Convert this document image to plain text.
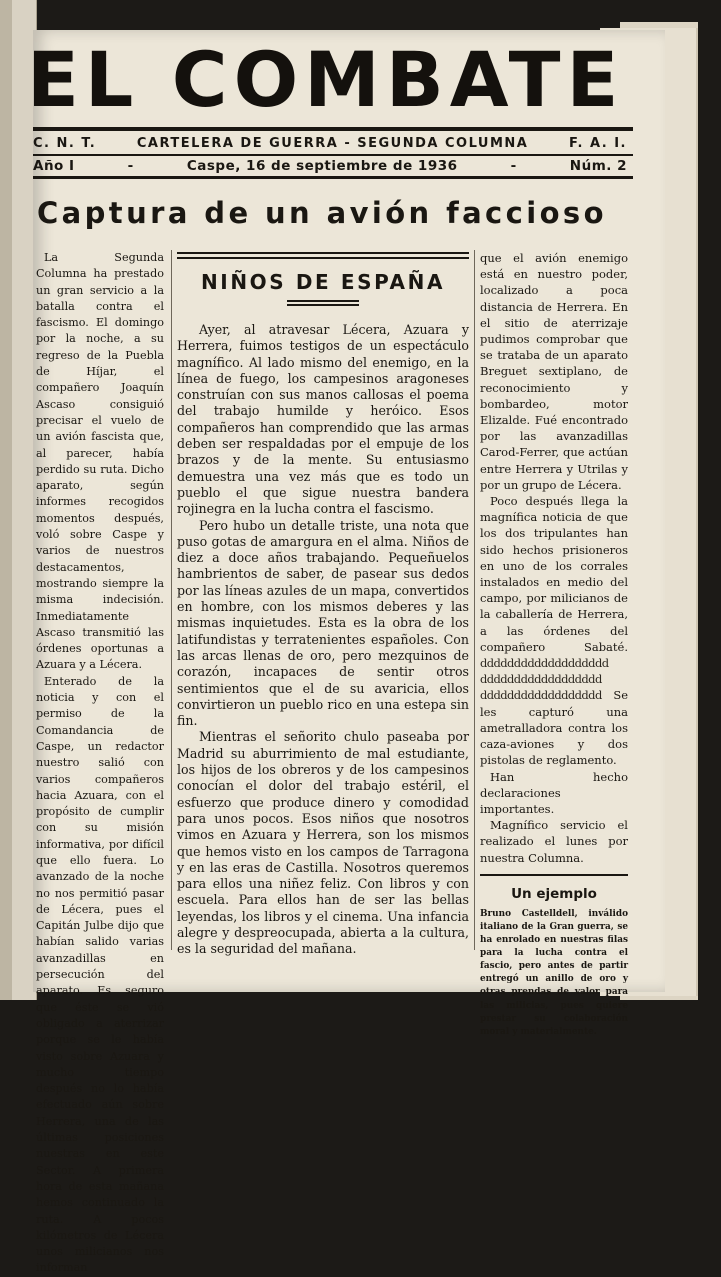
EL COMBATE
C. N. T.	CARTELERA DE GUERRA - SEGUNDA COLUMNA	F. A. I.
Año I	-	Caspe, 16 de septiembre de 1936	-	Núm. 2
Captura de un avión faccioso

La Segunda Columna ha prestado un gran servicio a la batalla contra el fascismo. El domingo por la noche, a su regreso de la Puebla de Híjar, el compañero Joaquín Ascaso consiguió precisar el vuelo de un avión fascista que, al parecer, había perdido su ruta. Dicho aparato, según informes recogidos momentos después, voló sobre Caspe y varios de nuestros destacamentos, mostrando siempre la misma indecisión. Inmediatamente Ascaso transmitió las órdenes oportunas a Azuara y a Lécera.

Enterado de la noticia y con el permiso de la Comandancia de Caspe, un redactor nuestro salió con varios compañeros hacia Azuara, con el propósito de cumplir con su misión informativa, por difícil que ello fuera. Lo avanzado de la noche no nos permitió pasar de Lécera, pues el Capitán Julbe dijo que habían salido varias avanzadillas en persecución del aparato. Es seguro que éste se vió obligado a aterrizar porque se le había visto sobre Azuara y mucho tiempo después no lo había efectuado aún sobre Herrera, una de las últimas posiciones nuestras en este Sector. A primera hora de esta mañana hemos continuado la ruta. A pocos kilómetros de Lécera unos milicianos nos informan

NIÑOS DE ESPAÑA

Ayer, al atravesar Lécera, Azuara y Herrera, fuimos testigos de un espectáculo magnífico. Al lado mismo del enemigo, en la línea de fuego, los campesinos aragoneses construían con sus manos callosas el poema del trabajo humilde y heróico. Esos compañeros han comprendido que las armas deben ser respaldadas por el empuje de los brazos y de la mente. Su entusiasmo demuestra una vez más que es todo un pueblo el que sigue nuestra bandera rojinegra en la lucha contra el fascismo.

Pero hubo un detalle triste, una nota que puso gotas de amargura en el alma. Niños de diez a doce años trabajando. Pequeñuelos hambrientos de saber, de pasear sus dedos por las líneas azules de un mapa, convertidos en hombre, con los mismos deberes y las mismas inquietudes. Esta es la obra de los latifundistas y terratenientes españoles. Con las arcas llenas de oro, pero mezquinos de corazón, incapaces de sentir otros sentimientos que el de su avaricia, ellos convirtieron un pueblo rico en una estepa sin fin.

Mientras el señorito chulo paseaba por Madrid su aburrimiento de mal estudiante, los hijos de los obreros y de los campesinos conocían el dolor del trabajo estéril, el esfuerzo que produce dinero y comodidad para unos pocos. Esos niños que nosotros vimos en Azuara y Herrera, son los mismos que hemos visto en los campos de Tarragona y en las eras de Castilla. Nosotros queremos para ellos una niñez feliz. Con libros y con escuela. Para ellos han de ser las bellas leyendas, los libros y el cinema. Una infancia alegre y despreocupada, abierta a la cultura, es la seguridad del mañana.

que el avión enemigo está en nuestro poder, localizado a poca distancia de Herrera. En el sitio de aterrizaje pudimos comprobar que se trataba de un aparato Breguet sextiplano, de reconocimiento y bombardeo, motor Elizalde. Fué encontrado por las avanzadillas Carod-Ferrer, que actúan entre Herrera y Utrilas y por un grupo de Lécera.

Poco después llega la magnífica noticia de que los dos tripulantes han sido hechos prisioneros en uno de los corrales instalados en medio del campo, por milicianos de la caballería de Herrera, a las órdenes del compañero Sabaté. ddddddddddddddddddd dddddddddddddddddd dddddddddddddddddd Se les capturó una ametralladora contra los caza-aviones y dos pistolas de reglamento.

Han hecho declaraciones importantes.

Magnífico servicio el realizado el lunes por nuestra Columna.

Un ejemplo
Bruno Castelldell, inválido italiano de la Gran guerra, se ha enrolado en nuestras filas para la lucha contra el fascio, pero antes de partir entregó un anillo de oro y otras prendas de valor para las milicias, pues quiere prestar su colaboración moral y materialmente.
